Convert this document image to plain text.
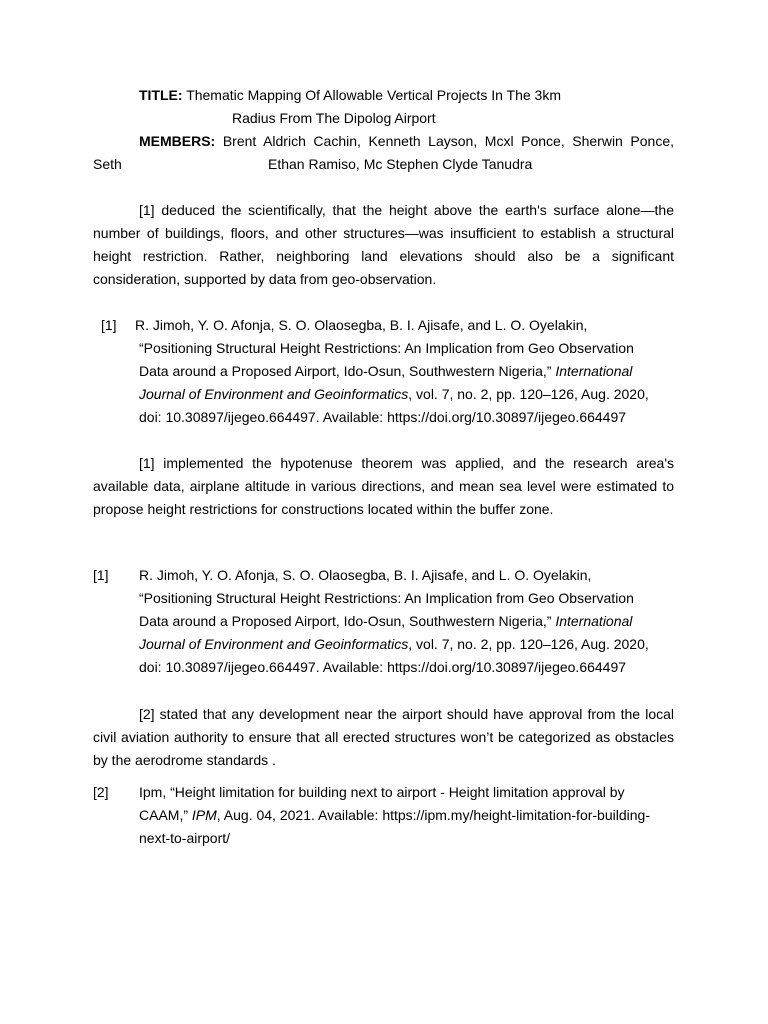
TITLE: Thematic Mapping Of Allowable Vertical Projects In The 3km
Radius From The Dipolog Airport
MEMBERS: Brent Aldrich Cachin, Kenneth Layson, Mcxl Ponce, Sherwin Ponce,
Seth	Ethan Ramiso, Mc Stephen Clyde Tanudra
[1] deduced the scientifically, that the height above the earth's surface alone—the number of buildings, floors, and other structures—was insufficient to establish a structural height restriction. Rather, neighboring land elevations should also be a significant consideration, supported by data from geo-observation.
[1] R. Jimoh, Y. O. Afonja, S. O. Olaosegba, B. I. Ajisafe, and L. O. Oyelakin,
“Positioning Structural Height Restrictions: An Implication from Geo Observation
Data around a Proposed Airport, Ido-Osun, Southwestern Nigeria,” International
Journal of Environment and Geoinformatics, vol. 7, no. 2, pp. 120–126, Aug. 2020,
doi: 10.30897/ijegeo.664497. Available: https://doi.org/10.30897/ijegeo.664497
[1] implemented the hypotenuse theorem was applied, and the research area's available data, airplane altitude in various directions, and mean sea level were estimated to propose height restrictions for constructions located within the buffer zone.
[1] R. Jimoh, Y. O. Afonja, S. O. Olaosegba, B. I. Ajisafe, and L. O. Oyelakin,
“Positioning Structural Height Restrictions: An Implication from Geo Observation
Data around a Proposed Airport, Ido-Osun, Southwestern Nigeria,” International
Journal of Environment and Geoinformatics, vol. 7, no. 2, pp. 120–126, Aug. 2020,
doi: 10.30897/ijegeo.664497. Available: https://doi.org/10.30897/ijegeo.664497
[2] stated that any development near the airport should have approval from the local civil aviation authority to ensure that all erected structures won’t be categorized as obstacles by the aerodrome standards .
[2] Ipm, “Height limitation for building next to airport - Height limitation approval by
CAAM,” IPM, Aug. 04, 2021. Available: https://ipm.my/height-limitation-for-building-
next-to-airport/
